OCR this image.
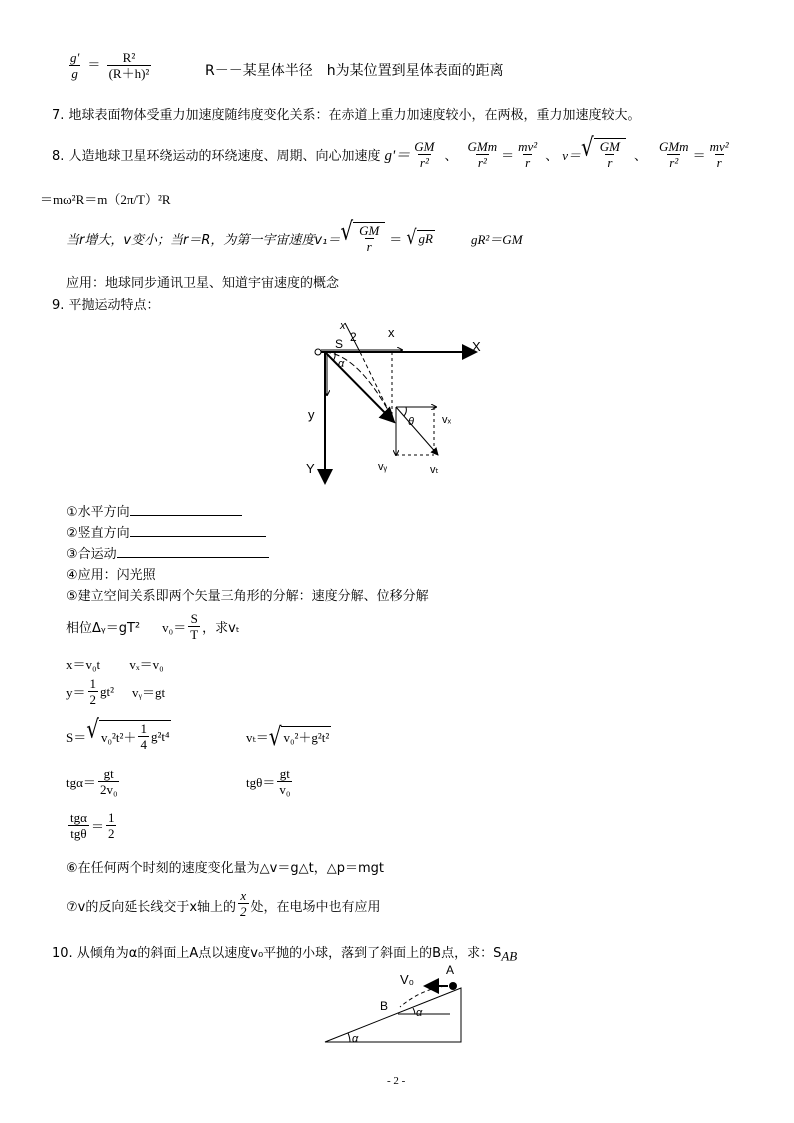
$\frac{g'}{g} = \frac{\text{R²}}{\text{(R＋h)²}}$	R－－某星体半径　h为某位置到星体表面的距离
7. 地球表面物体受重力加速度随纬度变化关系：在赤道上重力加速度较小，在两极，重力加速度较大。
8. 人造地球卫星环绕运动的环绕速度、周期、向心加速度 $g'= \frac{GM}{\text{r²}}$ 、 $\frac{\text{GMm}}{\text{r²}} = \frac{\text{mv²}}{r}$ 、 v＝ √ $\frac{GM}{r}$ 、 $\frac{\text{GMm}}{\text{r²}} = \frac{\text{mv²}}{r}$
＝mω²R＝m（2π/T）²R
当r增大，v变小；当r＝R，为第一宇宙速度v₁＝ √ $\frac{GM}{r}$ ＝ √ gR	gR²＝GM
应用：地球同步通讯卫星、知道宇宙速度的概念
9. 平抛运动特点：
x
2
S
x
X
α
y
Y
θ	vₓ
vᵧ	vₜ
①水平方向
②竖直方向
③合运动
④应用：闪光照
⑤建立空间关系即两个矢量三角形的分解：速度分解、位移分解
相位Δᵧ＝gT² $v_0= \frac{S}{T}$ ，求vₜ
x＝v₀t vₓ＝v₀
$y= \frac{1}{2} gt^2$ vᵧ＝gt
S＝ √ $v_0^2t^2+ \frac{1}{4} g^2t^4$	vₜ＝ √ v₀²＋g²t²
$tg\alpha= \frac{gt}{\text{2v₀}}$	$tg\theta= \frac{gt}{\text{v₀}}$
$\frac{\text{tgα}}{\text{tgθ}} = \frac{1}{2}$
⑥在任何两个时刻的速度变化量为△v＝g△t，△p＝mgt
⑦v的反向延长线交于x轴上的 $\frac{x}{2}$ 处，在电场中也有应用
10. 从倾角为α的斜面上A点以速度v₀平抛的小球，落到了斜面上的B点，求：$S_{AB}$
V₀
A
B	α
α
- 2 -
